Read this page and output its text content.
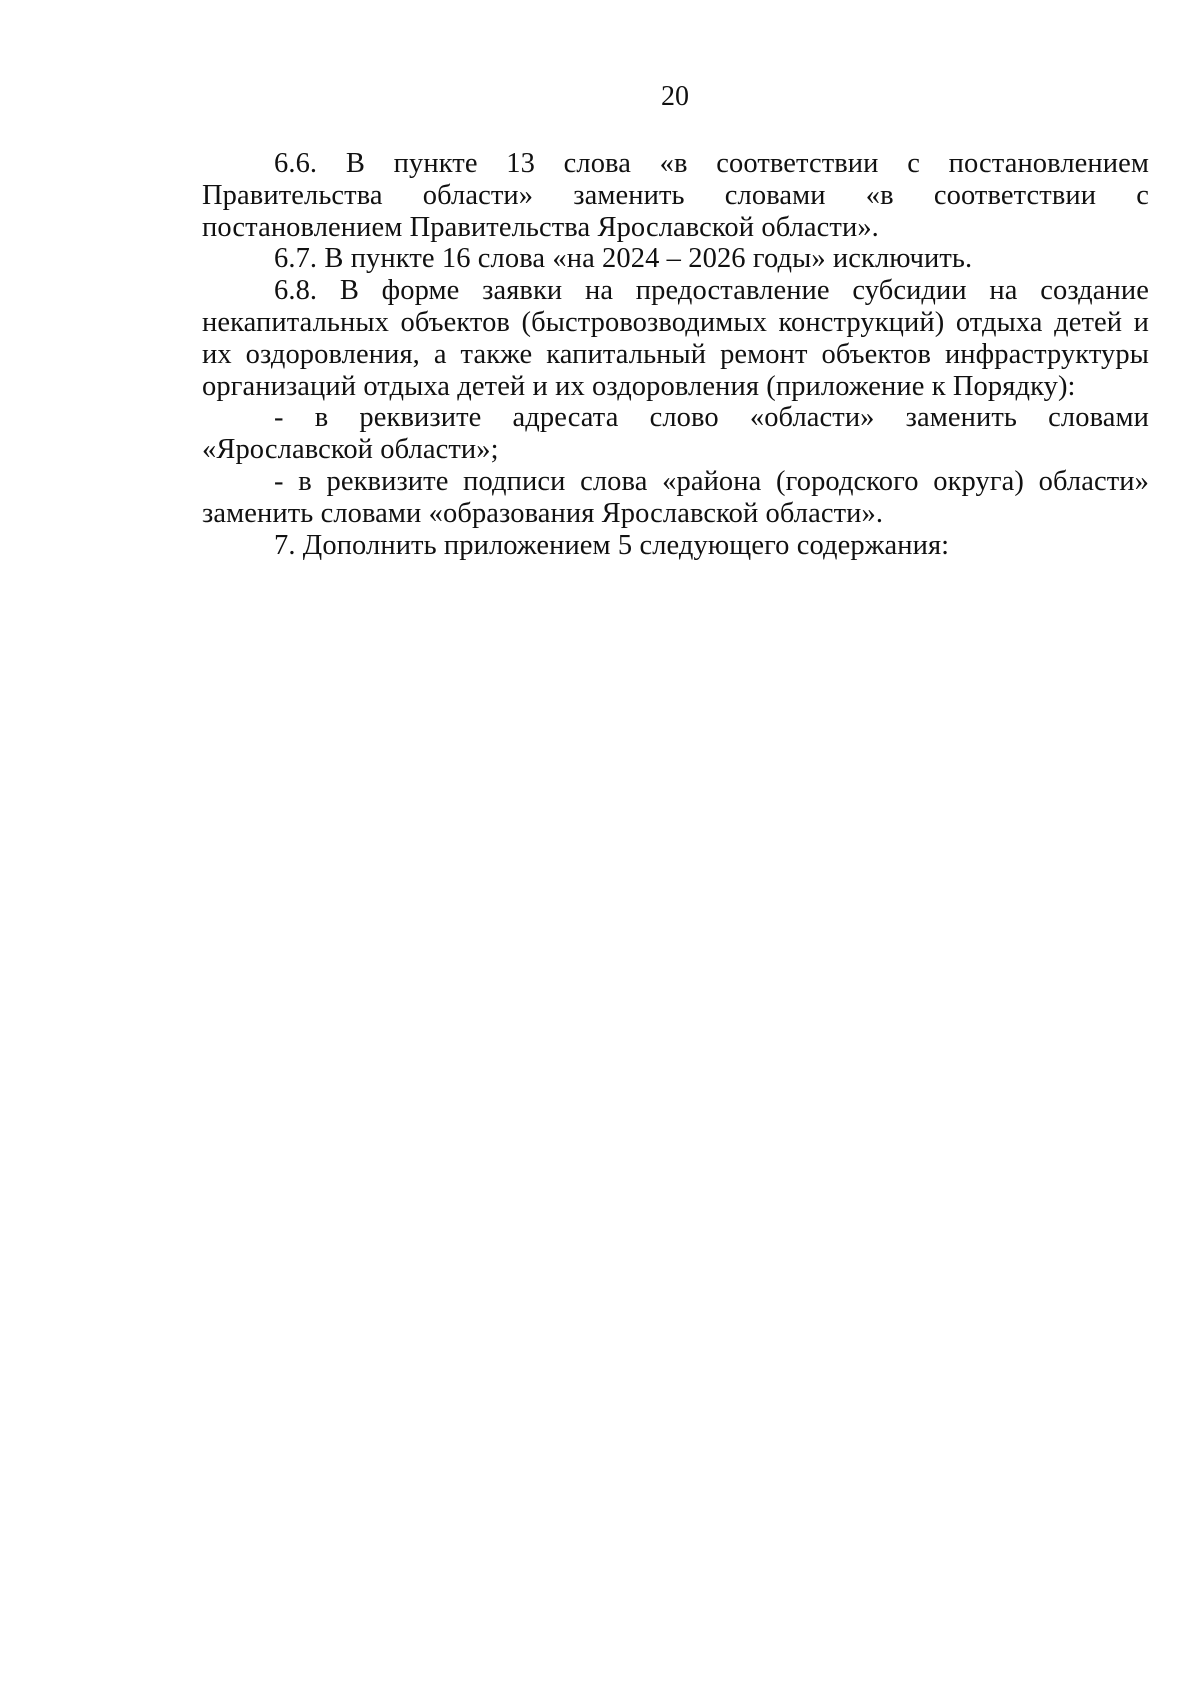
20

6.6. В пункте 13 слова «в соответствии с постановлением Правительства области» заменить словами «в соответствии с постановлением Правительства Ярославской области».

6.7. В пункте 16 слова «на 2024 – 2026 годы» исключить.

6.8. В форме заявки на предоставление субсидии на создание некапитальных объектов (быстровозводимых конструкций) отдыха детей и их оздоровления, а также капитальный ремонт объектов инфраструктуры организаций отдыха детей и их оздоровления (приложение к Порядку):

- в реквизите адресата слово «области» заменить словами «Ярославской области»;

- в реквизите подписи слова «района (городского округа) области» заменить словами «образования Ярославской области».

7. Дополнить приложением 5 следующего содержания:
